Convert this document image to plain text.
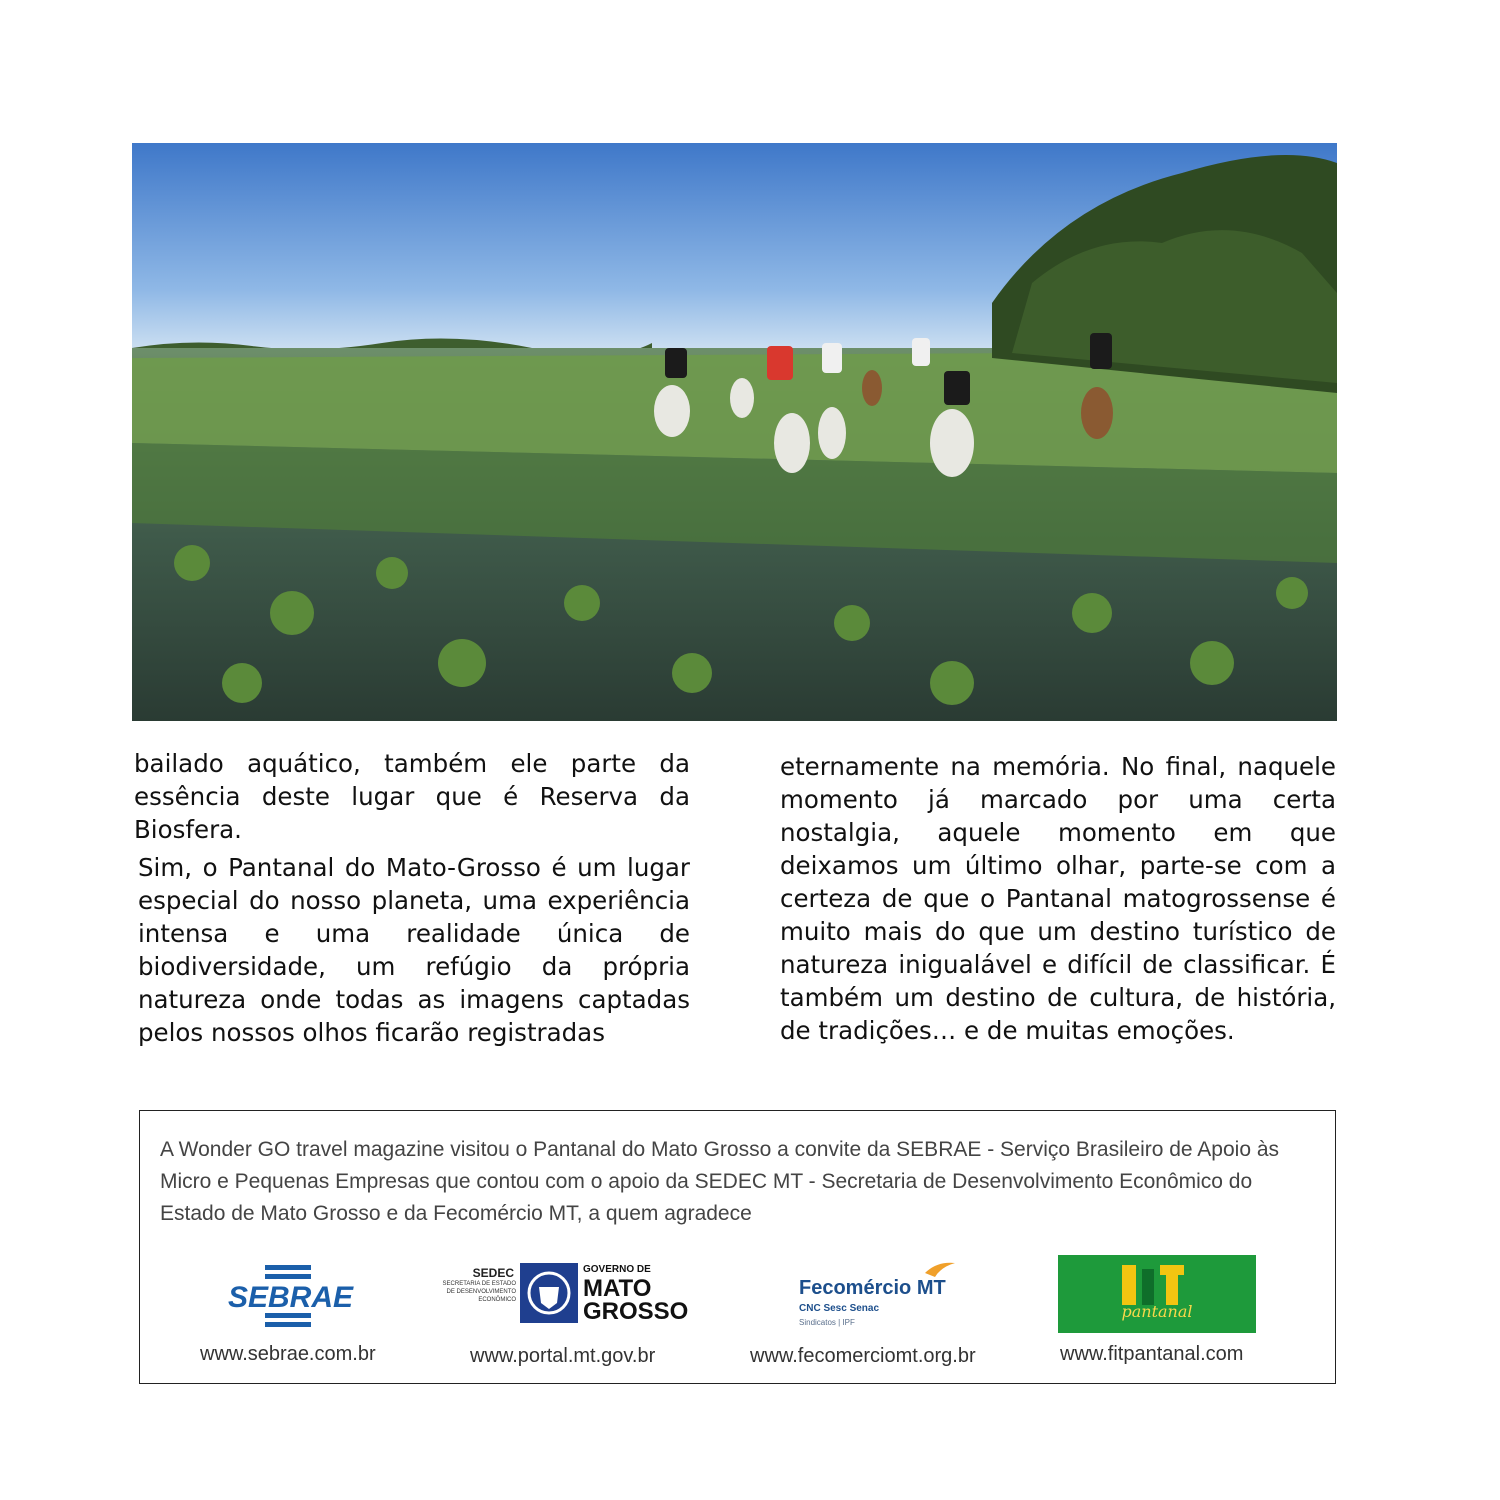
bailado aquático, também ele parte da essência deste lugar que é Reserva da Biosfera.

Sim, o Pantanal do Mato-Grosso é um lugar especial do nosso planeta, uma experiência intensa e uma realidade única de biodiversidade, um refúgio da própria natureza onde todas as imagens captadas pelos nossos olhos ficarão registradas

eternamente na memória. No final, naquele momento já marcado por uma certa nostalgia, aquele momento em que deixamos um último olhar, parte-se com a certeza de que o Pantanal matogrossense é muito mais do que um destino turístico de natureza inigualável e difícil de classificar. É também um destino de cultura, de história, de tradições… e de muitas emoções.

A Wonder GO travel magazine visitou o Pantanal do Mato Grosso a convite da SEBRAE - Serviço Brasileiro de Apoio às Micro e Pequenas Empresas que contou com o apoio da SEDEC MT - Secretaria de Desenvolvimento Econômico do Estado de Mato Grosso e da Fecomércio MT, a quem agradece

SEBRAE
www.sebrae.com.br
SEDEC
SECRETARIA DE ESTADO DE DESENVOLVIMENTO ECONÔMICO
GOVERNO DE
MATO
GROSSO
www.portal.mt.gov.br
Fecomércio MT
CNC Sesc Senac
Sindicatos | IPF
www.fecomerciomt.org.br
pantanal
www.fitpantanal.com
